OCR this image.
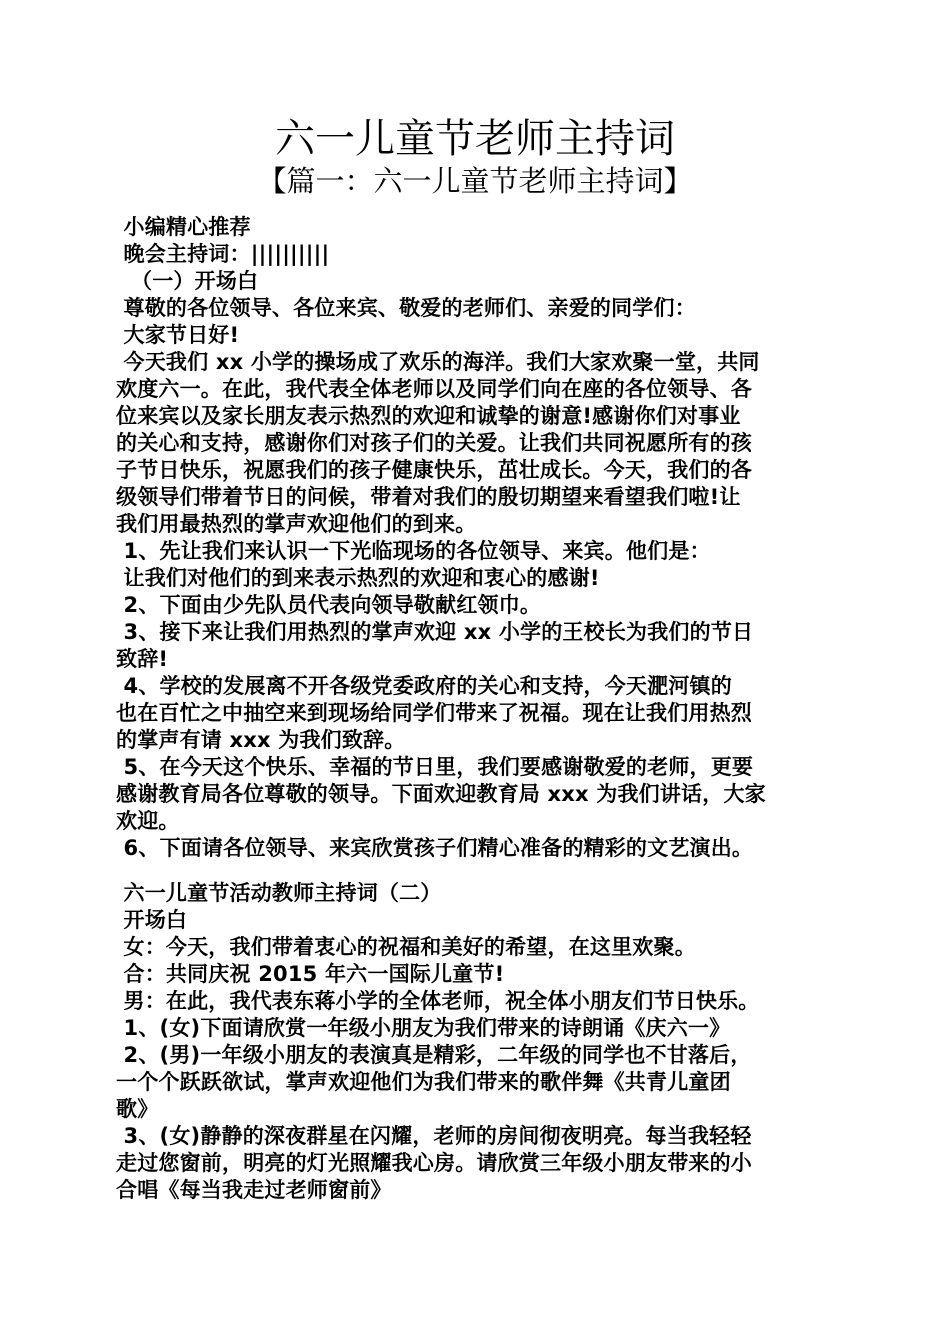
六一儿童节老师主持词
【篇一：六一儿童节老师主持词】
小编精心推荐
晚会主持词：||||||||||
（一）开场白
尊敬的各位领导、各位来宾、敬爱的老师们、亲爱的同学们：
大家节日好!
今天我们 xx 小学的操场成了欢乐的海洋。我们大家欢聚一堂，共同
欢度六一。在此，我代表全体老师以及同学们向在座的各位领导、各
位来宾以及家长朋友表示热烈的欢迎和诚挚的谢意!感谢你们对事业
的关心和支持，感谢你们对孩子们的关爱。让我们共同祝愿所有的孩
子节日快乐，祝愿我们的孩子健康快乐，茁壮成长。今天，我们的各
级领导们带着节日的问候，带着对我们的殷切期望来看望我们啦!让
我们用最热烈的掌声欢迎他们的到来。
1、先让我们来认识一下光临现场的各位领导、来宾。他们是：
让我们对他们的到来表示热烈的欢迎和衷心的感谢!
2、下面由少先队员代表向领导敬献红领巾。
3、接下来让我们用热烈的掌声欢迎 xx 小学的王校长为我们的节日
致辞!
4、学校的发展离不开各级党委政府的关心和支持，今天淝河镇的
也在百忙之中抽空来到现场给同学们带来了祝福。现在让我们用热烈
的掌声有请 xxx 为我们致辞。
5、在今天这个快乐、幸福的节日里，我们要感谢敬爱的老师，更要
感谢教育局各位尊敬的领导。下面欢迎教育局 xxx 为我们讲话，大家
欢迎。
6、下面请各位领导、来宾欣赏孩子们精心准备的精彩的文艺演出。
六一儿童节活动教师主持词（二）
开场白
女：今天，我们带着衷心的祝福和美好的希望，在这里欢聚。
合：共同庆祝 2015 年六一国际儿童节!
男：在此，我代表东蒋小学的全体老师，祝全体小朋友们节日快乐。
1、(女)下面请欣赏一年级小朋友为我们带来的诗朗诵《庆六一》
2、(男)一年级小朋友的表演真是精彩，二年级的同学也不甘落后，
一个个跃跃欲试，掌声欢迎他们为我们带来的歌伴舞《共青儿童团
歌》
3、(女)静静的深夜群星在闪耀，老师的房间彻夜明亮。每当我轻轻
走过您窗前，明亮的灯光照耀我心房。请欣赏三年级小朋友带来的小
合唱《每当我走过老师窗前》
